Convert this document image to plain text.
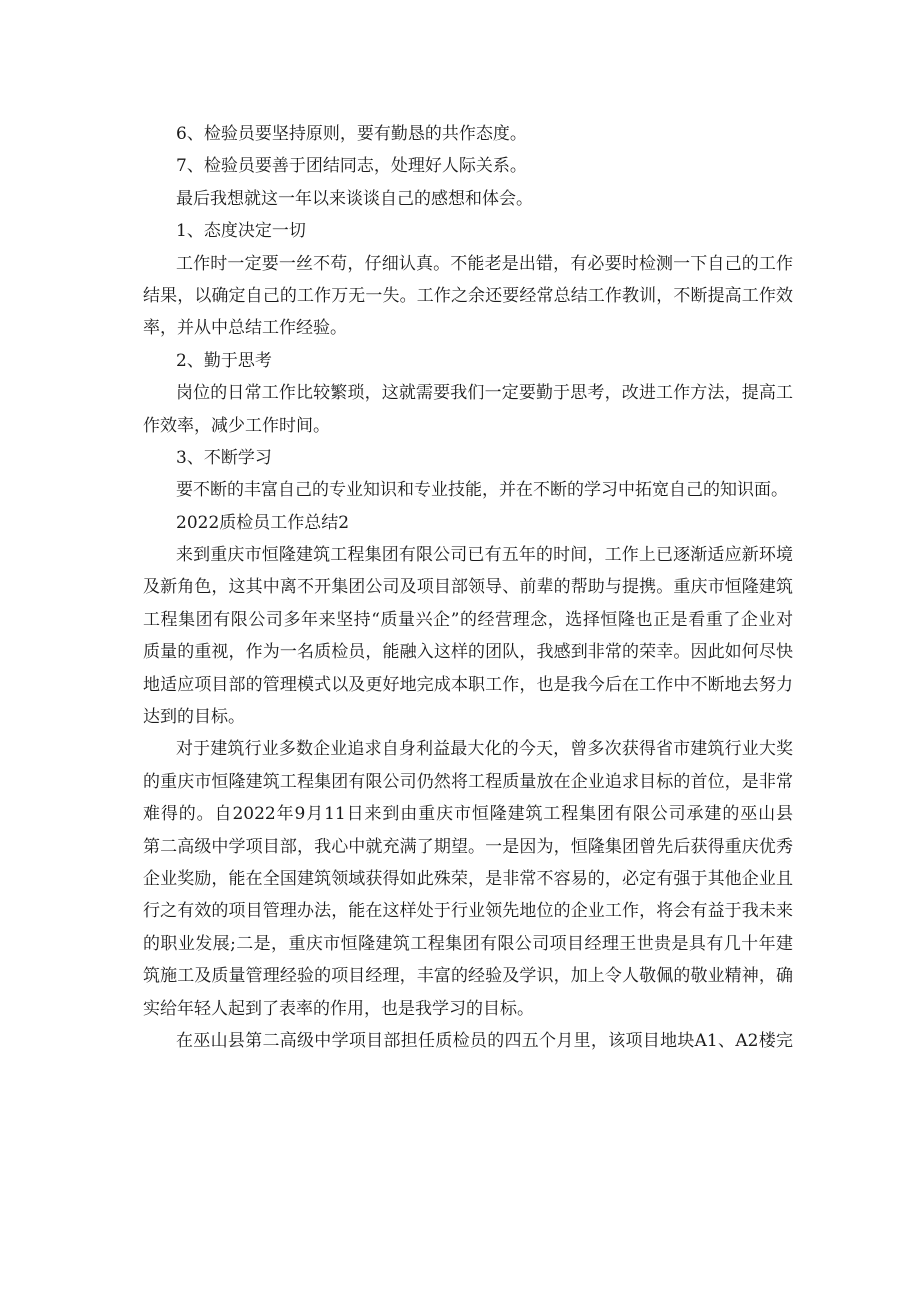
6、检验员要坚持原则，要有勤恳的共作态度。
7、检验员要善于团结同志，处理好人际关系。
最后我想就这一年以来谈谈自己的感想和体会。
1、态度决定一切
工作时一定要一丝不苟，仔细认真。不能老是出错，有必要时检测一下自己的工作
结果，以确定自己的工作万无一失。工作之余还要经常总结工作教训，不断提高工作效
率，并从中总结工作经验。
2、勤于思考
岗位的日常工作比较繁琐，这就需要我们一定要勤于思考，改进工作方法，提高工
作效率，减少工作时间。
3、不断学习
要不断的丰富自己的专业知识和专业技能，并在不断的学习中拓宽自己的知识面。
2022质检员工作总结2
来到重庆市恒隆建筑工程集团有限公司已有五年的时间，工作上已逐渐适应新环境
及新角色，这其中离不开集团公司及项目部领导、前辈的帮助与提携。重庆市恒隆建筑
工程集团有限公司多年来坚持“质量兴企”的经营理念，选择恒隆也正是看重了企业对
质量的重视，作为一名质检员，能融入这样的团队，我感到非常的荣幸。因此如何尽快
地适应项目部的管理模式以及更好地完成本职工作，也是我今后在工作中不断地去努力
达到的目标。
对于建筑行业多数企业追求自身利益最大化的今天，曾多次获得省市建筑行业大奖
的重庆市恒隆建筑工程集团有限公司仍然将工程质量放在企业追求目标的首位，是非常
难得的。自2022年9月11日来到由重庆市恒隆建筑工程集团有限公司承建的巫山县
第二高级中学项目部，我心中就充满了期望。一是因为，恒隆集团曾先后获得重庆优秀
企业奖励，能在全国建筑领域获得如此殊荣，是非常不容易的，必定有强于其他企业且
行之有效的项目管理办法，能在这样处于行业领先地位的企业工作，将会有益于我未来
的职业发展;二是，重庆市恒隆建筑工程集团有限公司项目经理王世贵是具有几十年建
筑施工及质量管理经验的项目经理，丰富的经验及学识，加上令人敬佩的敬业精神，确
实给年轻人起到了表率的作用，也是我学习的目标。
在巫山县第二高级中学项目部担任质检员的四五个月里，该项目地块A1、A2楼完
